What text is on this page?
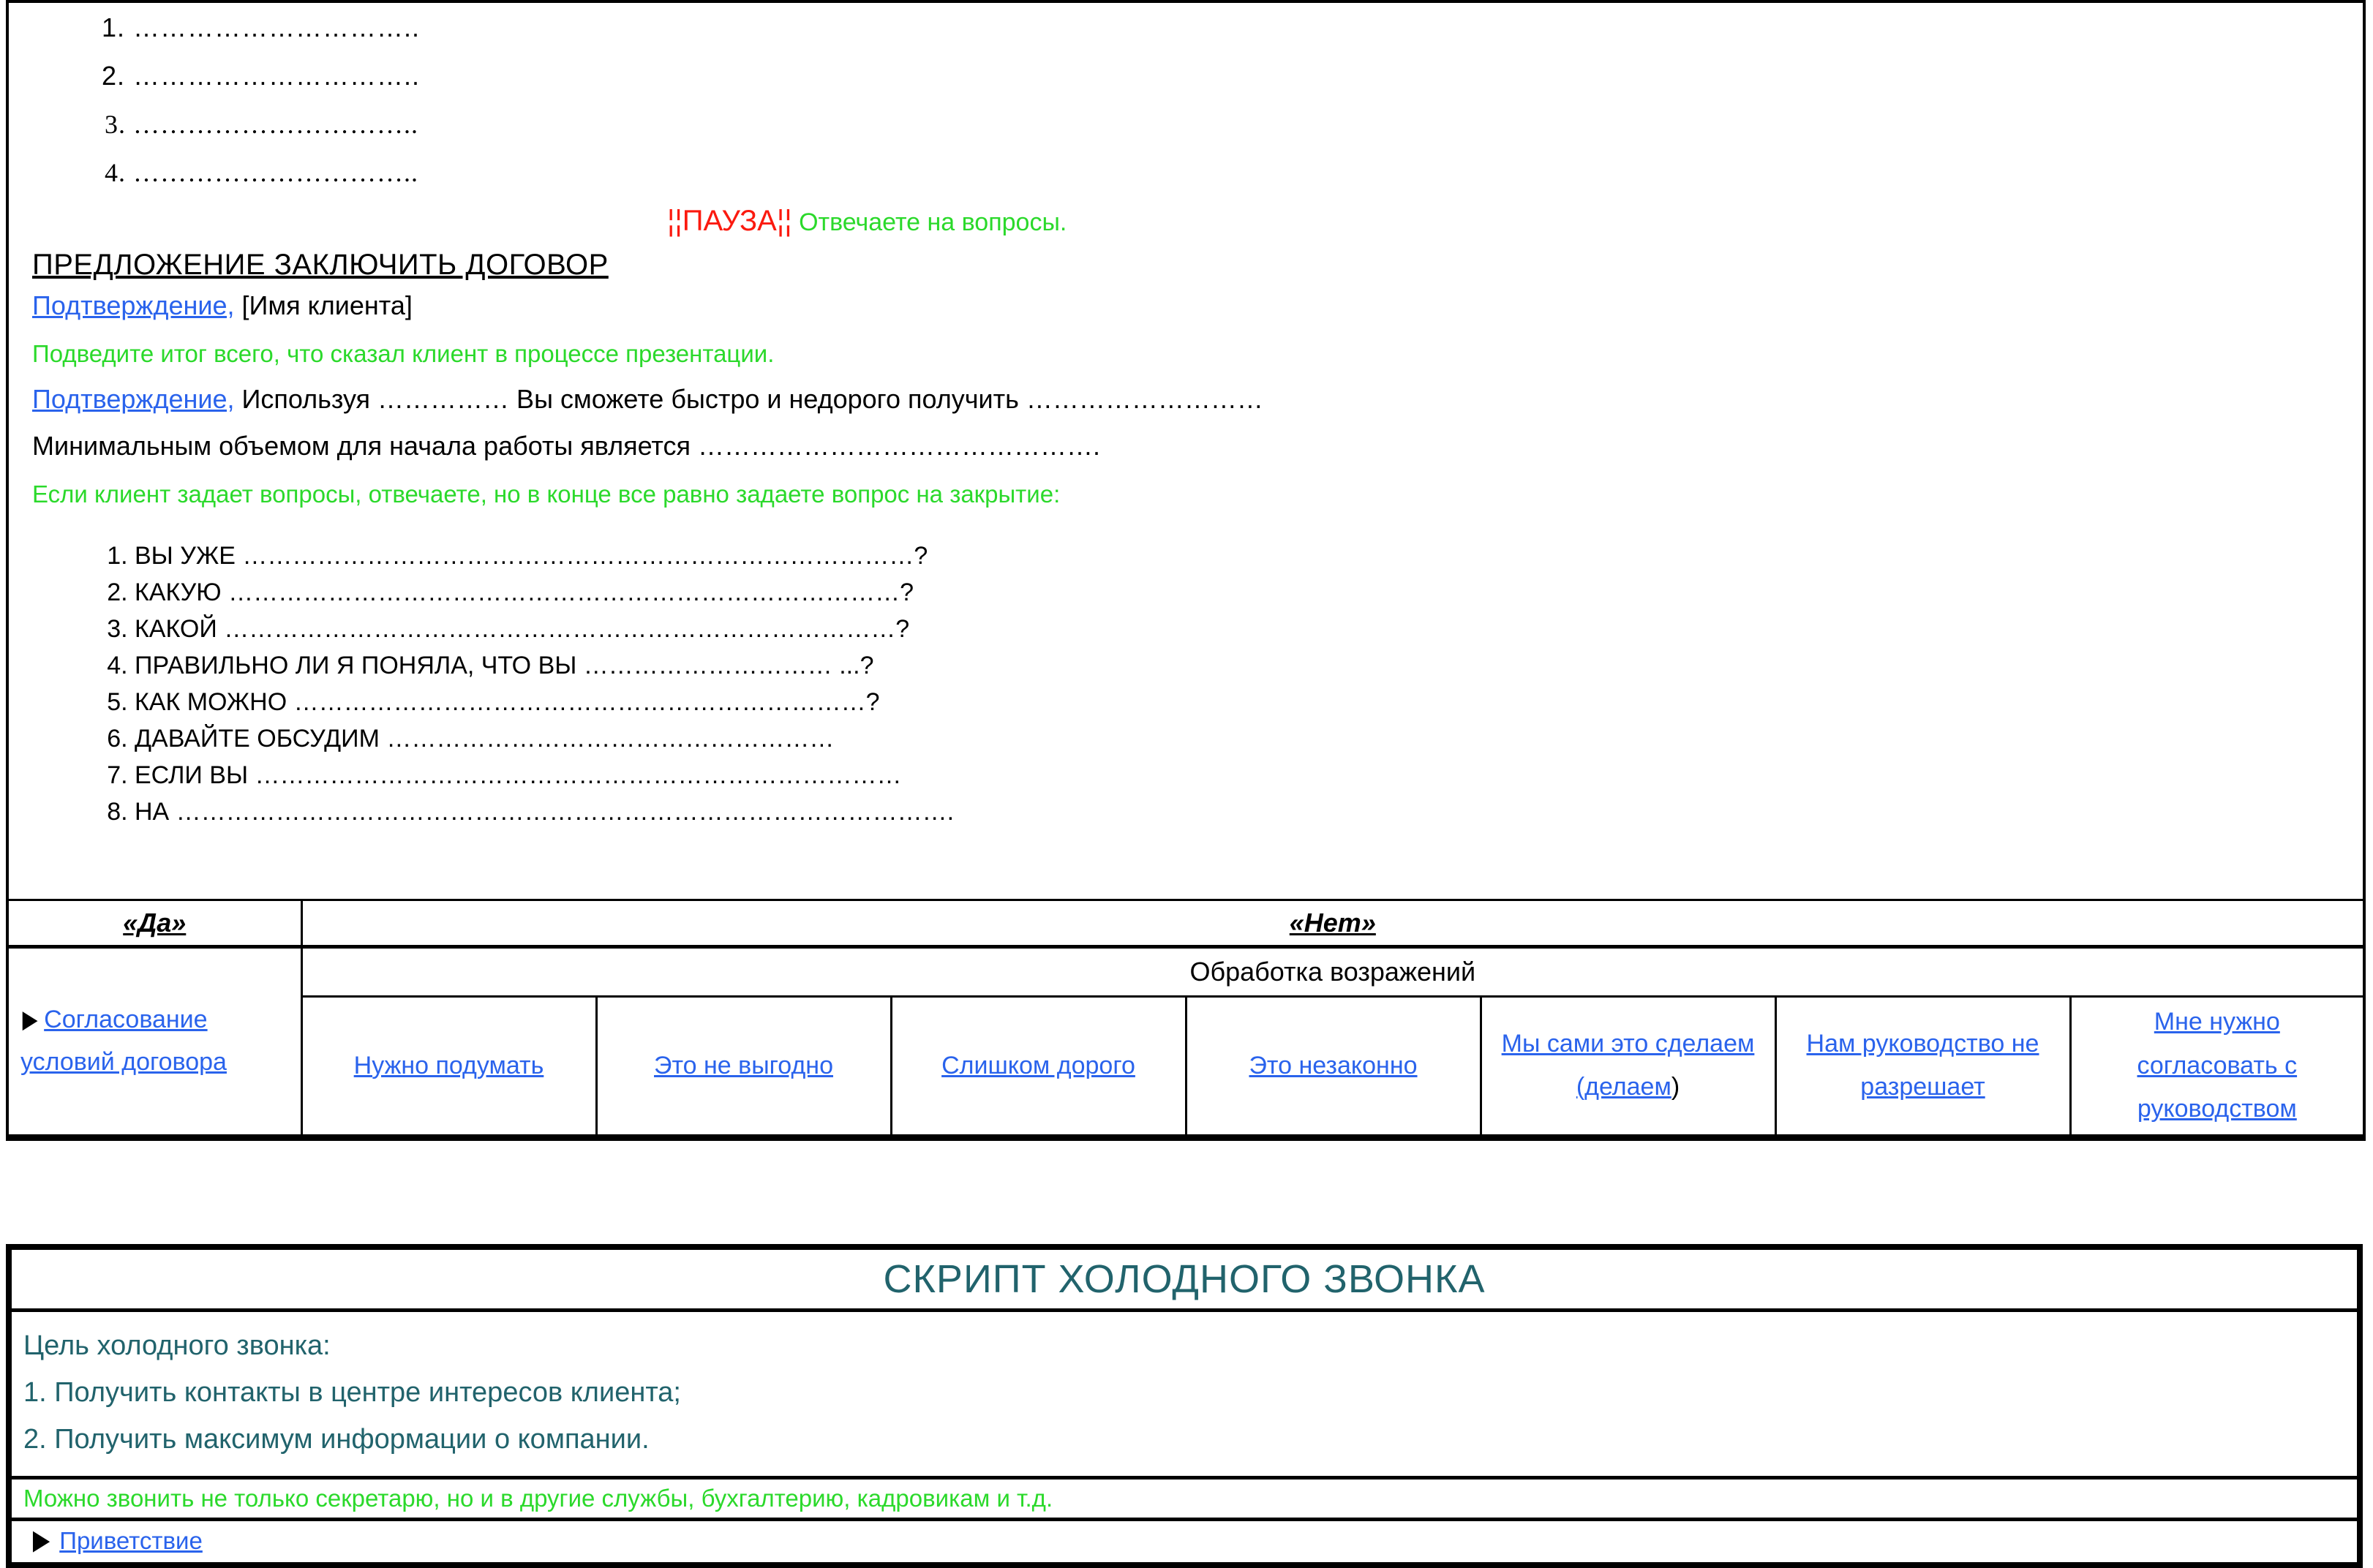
1. …………………………..
2. …………………………..
3. …………………………..
4. …………………………..
¦¦ПАУЗА¦¦ Отвечаете на вопросы.
ПРЕДЛОЖЕНИЕ ЗАКЛЮЧИТЬ ДОГОВОР
Подтверждение, [Имя клиента]
Подведите итог всего, что сказал клиент в процессе презентации.
Подтверждение, Используя …………… Вы сможете быстро и недорого получить ………………………
Минимальным объемом для начала работы является ……………………………………….
Если клиент задает вопросы, отвечаете, но в конце все равно задаете вопрос на закрытие:
1. ВЫ УЖЕ ………………………………………………………………………?
2. КАКУЮ ………………………………………………………………………?
3. КАКОЙ ………………………………………………………………………?
4. ПРАВИЛЬНО ЛИ Я ПОНЯЛА, ЧТО ВЫ ………………………… ...?
5. КАК МОЖНО ……………………………………………………………?
6. ДАВАЙТЕ ОБСУДИМ ………………………………………………
7. ЕСЛИ ВЫ ……………………………………………………………………
8. НА ………………………………………………………………………………….

«Да»	«Нет»						
▶ Согласование условий договора	Обработка возражений						
	Нужно подумать	Это не выгодно	Слишком дорого	Это незаконно	Мы сами это сделаем (делаем)	Нам руководство не разрешает	Мне нужно согласовать с руководством
СКРИПТ ХОЛОДНОГО ЗВОНКА

Цель холодного звонка:
1. Получить контакты в центре интересов клиента;
2. Получить максимум информации о компании.

Можно звонить не только секретарю, но и в другие службы, бухгалтерию, кадровикам и т.д.
▶ Приветствие
